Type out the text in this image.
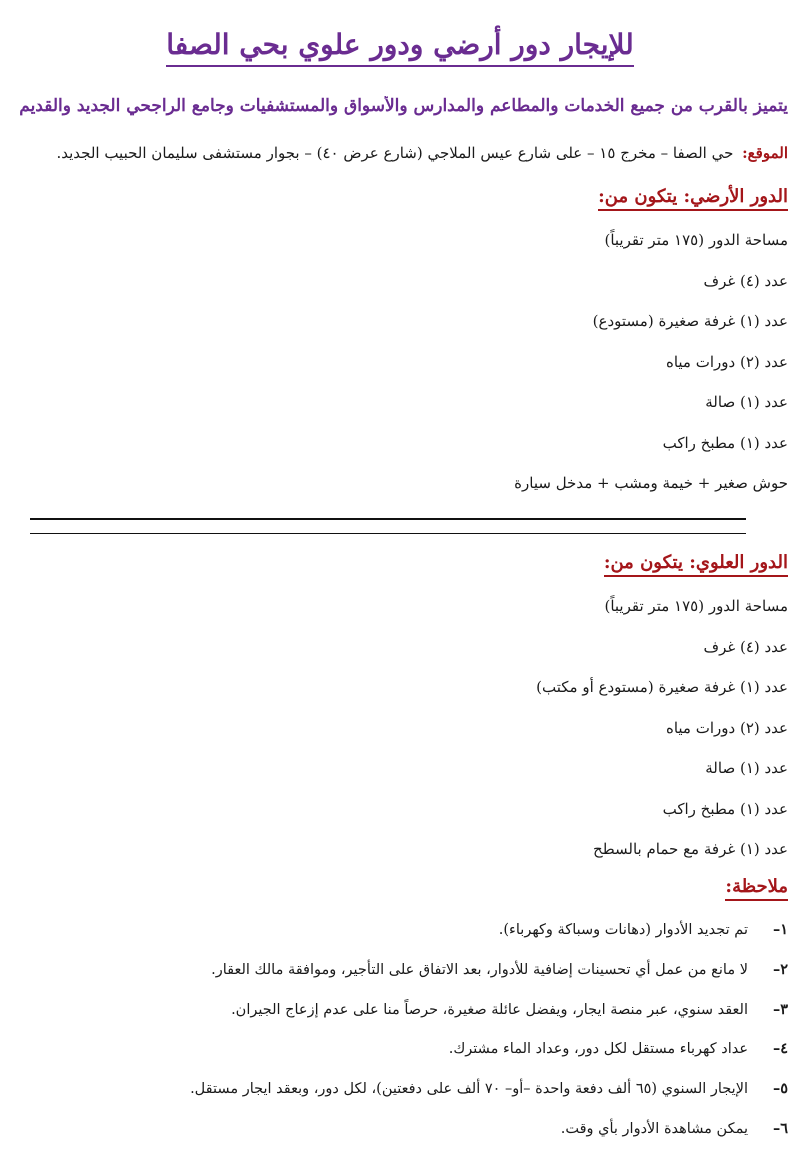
للإيجار دور أرضي ودور علوي بحي الصفا
يتميز بالقرب من جميع الخدمات والمطاعم والمدارس والأسواق والمستشفيات وجامع الراجحي الجديد والقديم
الموقع: حي الصفا – مخرج ١٥ – على شارع عيس الملاجي (شارع عرض ٤٠) – بجوار مستشفى سليمان الحبيب الجديد.
الدور الأرضي: يتكون من:
مساحة الدور (١٧٥ متر تقريباً)
عدد (٤) غرف
عدد (١) غرفة صغيرة (مستودع)
عدد (٢) دورات مياه
عدد (١) صالة
عدد (١) مطبخ راكب
حوش صغير + خيمة ومشب + مدخل سيارة
الدور العلوي: يتكون من:
مساحة الدور (١٧٥ متر تقريباً)
عدد (٤) غرف
عدد (١) غرفة صغيرة (مستودع أو مكتب)
عدد (٢) دورات مياه
عدد (١) صالة
عدد (١) مطبخ راكب
عدد (١) غرفة مع حمام بالسطح
ملاحظة:
١–
تم تجديد الأدوار (دهانات وسباكة وكهرباء).
٢–
لا مانع من عمل أي تحسينات إضافية للأدوار، بعد الاتفاق على التأجير، وموافقة مالك العقار.
٣–
العقد سنوي، عبر منصة ايجار، ويفضل عائلة صغيرة، حرصاً منا على عدم إزعاج الجيران.
٤–
عداد كهرباء مستقل لكل دور، وعداد الماء مشترك.
٥–
الإيجار السنوي (٦٥ ألف دفعة واحدة –أو– ٧٠ ألف على دفعتين)، لكل دور، وبعقد ايجار مستقل.
٦–
يمكن مشاهدة الأدوار بأي وقت.
